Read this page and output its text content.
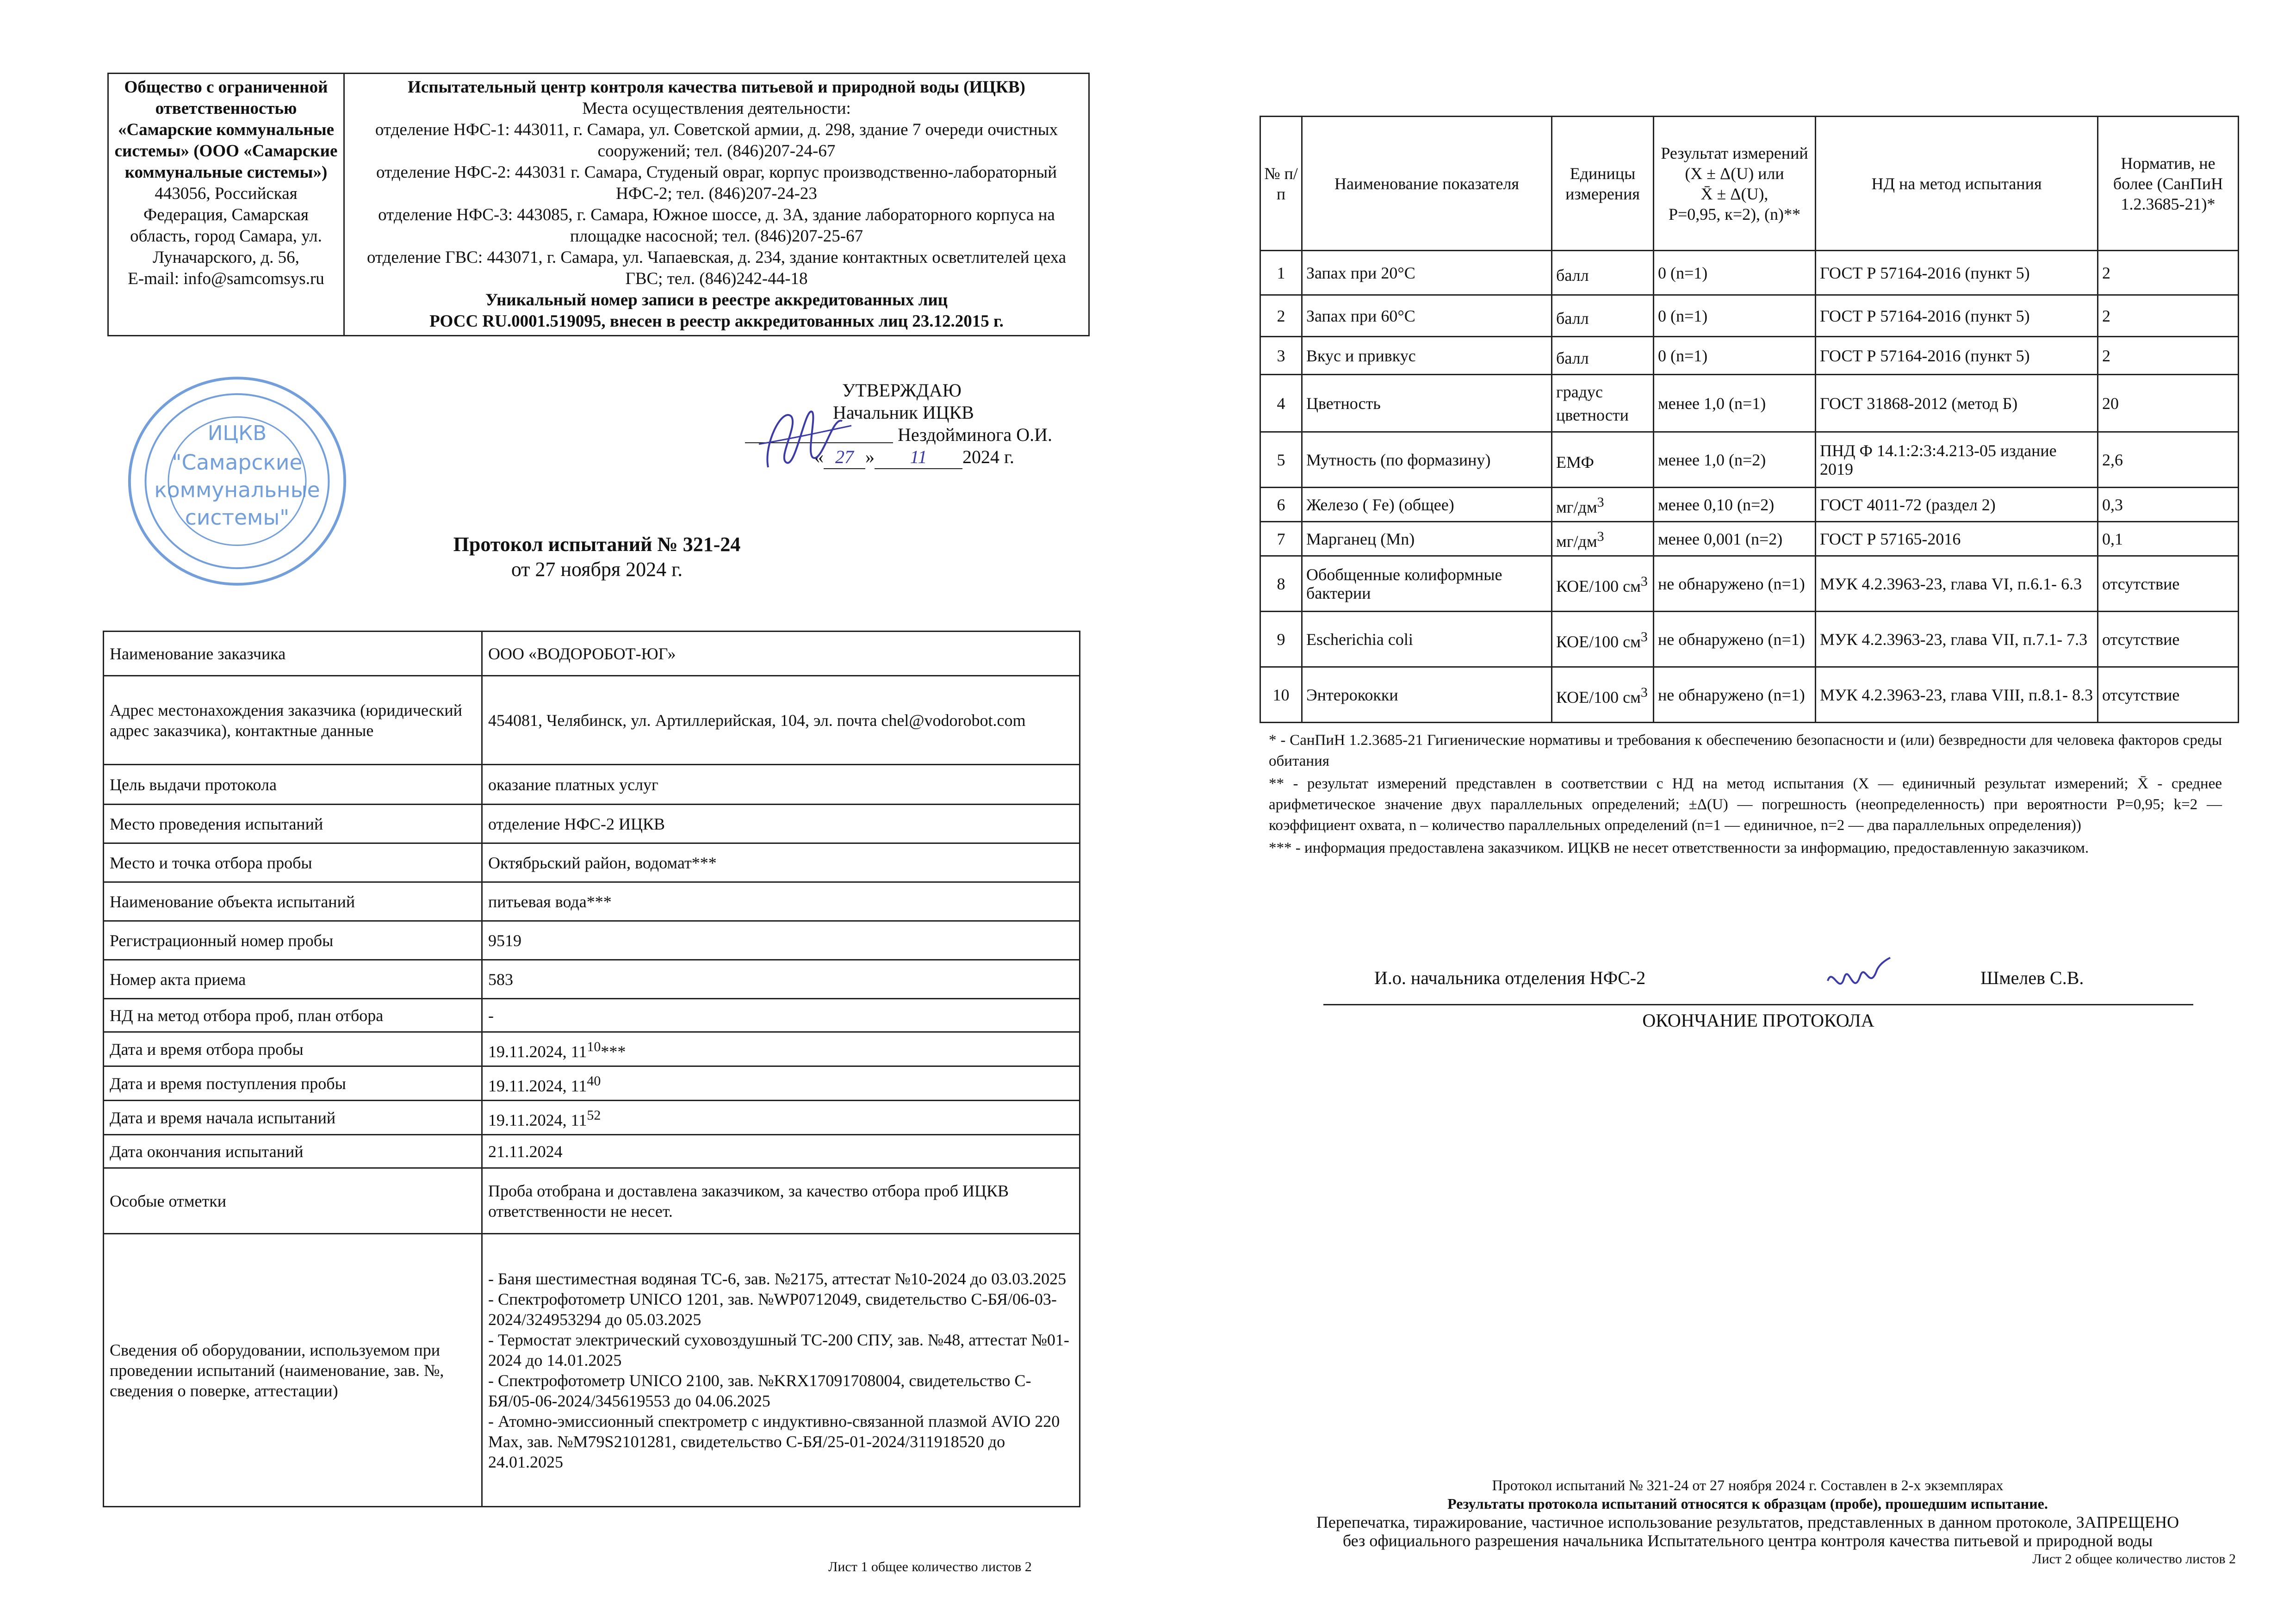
Общество с ограниченной ответственностью «Самарские коммунальные системы» (ООО «Самарские коммунальные системы»)
443056, Российская Федерация, Самарская область, город Самара, ул. Луначарского, д. 56,
E-mail: info@samcomsys.ru

Испытательный центр контроля качества питьевой и природной воды (ИЦКВ)
Места осуществления деятельности:
отделение НФС-1: 443011, г. Самара, ул. Советской армии, д. 298, здание 7 очереди очистных сооружений; тел. (846)207-24-67
отделение НФС-2: 443031 г. Самара, Студеный овраг, корпус производственно-лабораторный НФС-2; тел. (846)207-24-23
отделение НФС-3: 443085, г. Самара, Южное шоссе, д. 3А, здание лабораторного корпуса на площадке насосной; тел. (846)207-25-67
отделение ГВС: 443071, г. Самара, ул. Чапаевская, д. 234, здание контактных осветлителей цеха ГВС; тел. (846)242-44-18
Уникальный номер записи в реестре аккредитованных лиц
РОСС RU.0001.519095, внесен в реестр аккредитованных лиц 23.12.2015 г.
ИЦКВ
"Самарские
коммунальные
системы"
УТВЕРЖДАЮ
Начальник ИЦКВ
Нездойминога О.И.
« 27 » 11 2024 г.
Протокол испытаний № 321-24
от 27 ноября 2024 г.
Наименование заказчика	ООО «ВОДОРОБОТ-ЮГ»
Адрес местонахождения заказчика (юридический адрес заказчика), контактные данные	454081, Челябинск, ул. Артиллерийская, 104, эл. почта chel@vodorobot.com
Цель выдачи протокола	оказание платных услуг
Место проведения испытаний	отделение НФС-2 ИЦКВ
Место и точка отбора пробы	Октябрьский район, водомат***
Наименование объекта испытаний	питьевая вода***
Регистрационный номер пробы	9519
Номер акта приема	583
НД на метод отбора проб, план отбора	-
Дата и время отбора пробы	19.11.2024, $11^{10}***$
Дата и время поступления пробы	19.11.2024, $11^{40}$
Дата и время начала испытаний	19.11.2024, $11^{52}$
Дата окончания испытаний	21.11.2024
Особые отметки	Проба отобрана и доставлена заказчиком, за качество отбора проб ИЦКВ ответственности не несет.
Сведения об оборудовании, используемом при проведении испытаний (наименование, зав. №, сведения о поверке, аттестации)	- Баня шестиместная водяная ТС-6, зав. №2175, аттестат №10-2024 до 03.03.2025
- Спектрофотометр UNICO 1201, зав. №WP0712049, свидетельство С-БЯ/06-03-2024/324953294 до 05.03.2025
- Термостат электрический суховоздушный ТС-200 СПУ, зав. №48, аттестат №01-2024 до 14.01.2025
- Спектрофотометр UNICO 2100, зав. №KRX17091708004, свидетельство С-БЯ/05-06-2024/345619553 до 04.06.2025
- Атомно-эмиссионный спектрометр с индуктивно-связанной плазмой AVIO 220 Max, зав. №M79S2101281, свидетельство С-БЯ/25-01-2024/311918520 до 24.01.2025
Лист 1 общее количество листов 2
№ п/п	Наименование показателя	Единицы измерения	Результат измерений
(X ± Δ(U) или
X̄ ± Δ(U),
P=0,95, к=2), (n)**	НД на метод испытания	Норматив, не более (СанПиН 1.2.3685-21)*
1	Запах при 20°С	балл	0 (n=1)	ГОСТ Р 57164-2016 (пункт 5)	2
2	Запах при 60°С	балл	0 (n=1)	ГОСТ Р 57164-2016 (пункт 5)	2
3	Вкус и привкус	балл	0 (n=1)	ГОСТ Р 57164-2016 (пункт 5)	2
4	Цветность	градус цветности	менее 1,0 (n=1)	ГОСТ 31868-2012 (метод Б)	20
5	Мутность (по формазину)	ЕМФ	менее 1,0 (n=2)	ПНД Ф 14.1:2:3:4.213-05 издание 2019	2,6
6	Железо ( Fe) (общее)	$мг/дм^3$	менее 0,10 (n=2)	ГОСТ 4011-72 (раздел 2)	0,3
7	Марганец (Mn)	$мг/дм^3$	менее 0,001 (n=2)	ГОСТ Р 57165-2016	0,1
8	Обобщенные колиформные бактерии	КОЕ/100 $см^3$	не обнаружено (n=1)	МУК 4.2.3963-23, глава VI, п.6.1- 6.3	отсутствие
9	Escherichia coli	КОЕ/100 $см^3$	не обнаружено (n=1)	МУК 4.2.3963-23, глава VII, п.7.1- 7.3	отсутствие
10	Энтерококки	КОЕ/100 $см^3$	не обнаружено (n=1)	МУК 4.2.3963-23, глава VIII, п.8.1- 8.3	отсутствие

* - СанПиН 1.2.3685-21 Гигиенические нормативы и требования к обеспечению безопасности и (или) безвредности для человека факторов среды обитания

** - результат измерений представлен в соответствии с НД на метод испытания (X — единичный результат измерений; X̄ - среднее арифметическое значение двух параллельных определений; ±Δ(U) — погрешность (неопределенность) при вероятности P=0,95; k=2 — коэффициент охвата, n – количество параллельных определений (n=1 — единичное, n=2 — два параллельных определения))

*** - информация предоставлена заказчиком. ИЦКВ не несет ответственности за информацию, предоставленную заказчиком.

И.о. начальника отделения НФС-2	Шмелев С.В.
ОКОНЧАНИЕ ПРОТОКОЛА
Протокол испытаний № 321-24 от 27 ноября 2024 г. Составлен в 2-х экземплярах
Результаты протокола испытаний относятся к образцам (пробе), прошедшим испытание.
Перепечатка, тиражирование, частичное использование результатов, представленных в данном протоколе, ЗАПРЕЩЕНО
без официального разрешения начальника Испытательного центра контроля качества питьевой и природной воды
Лист 2 общее количество листов 2
